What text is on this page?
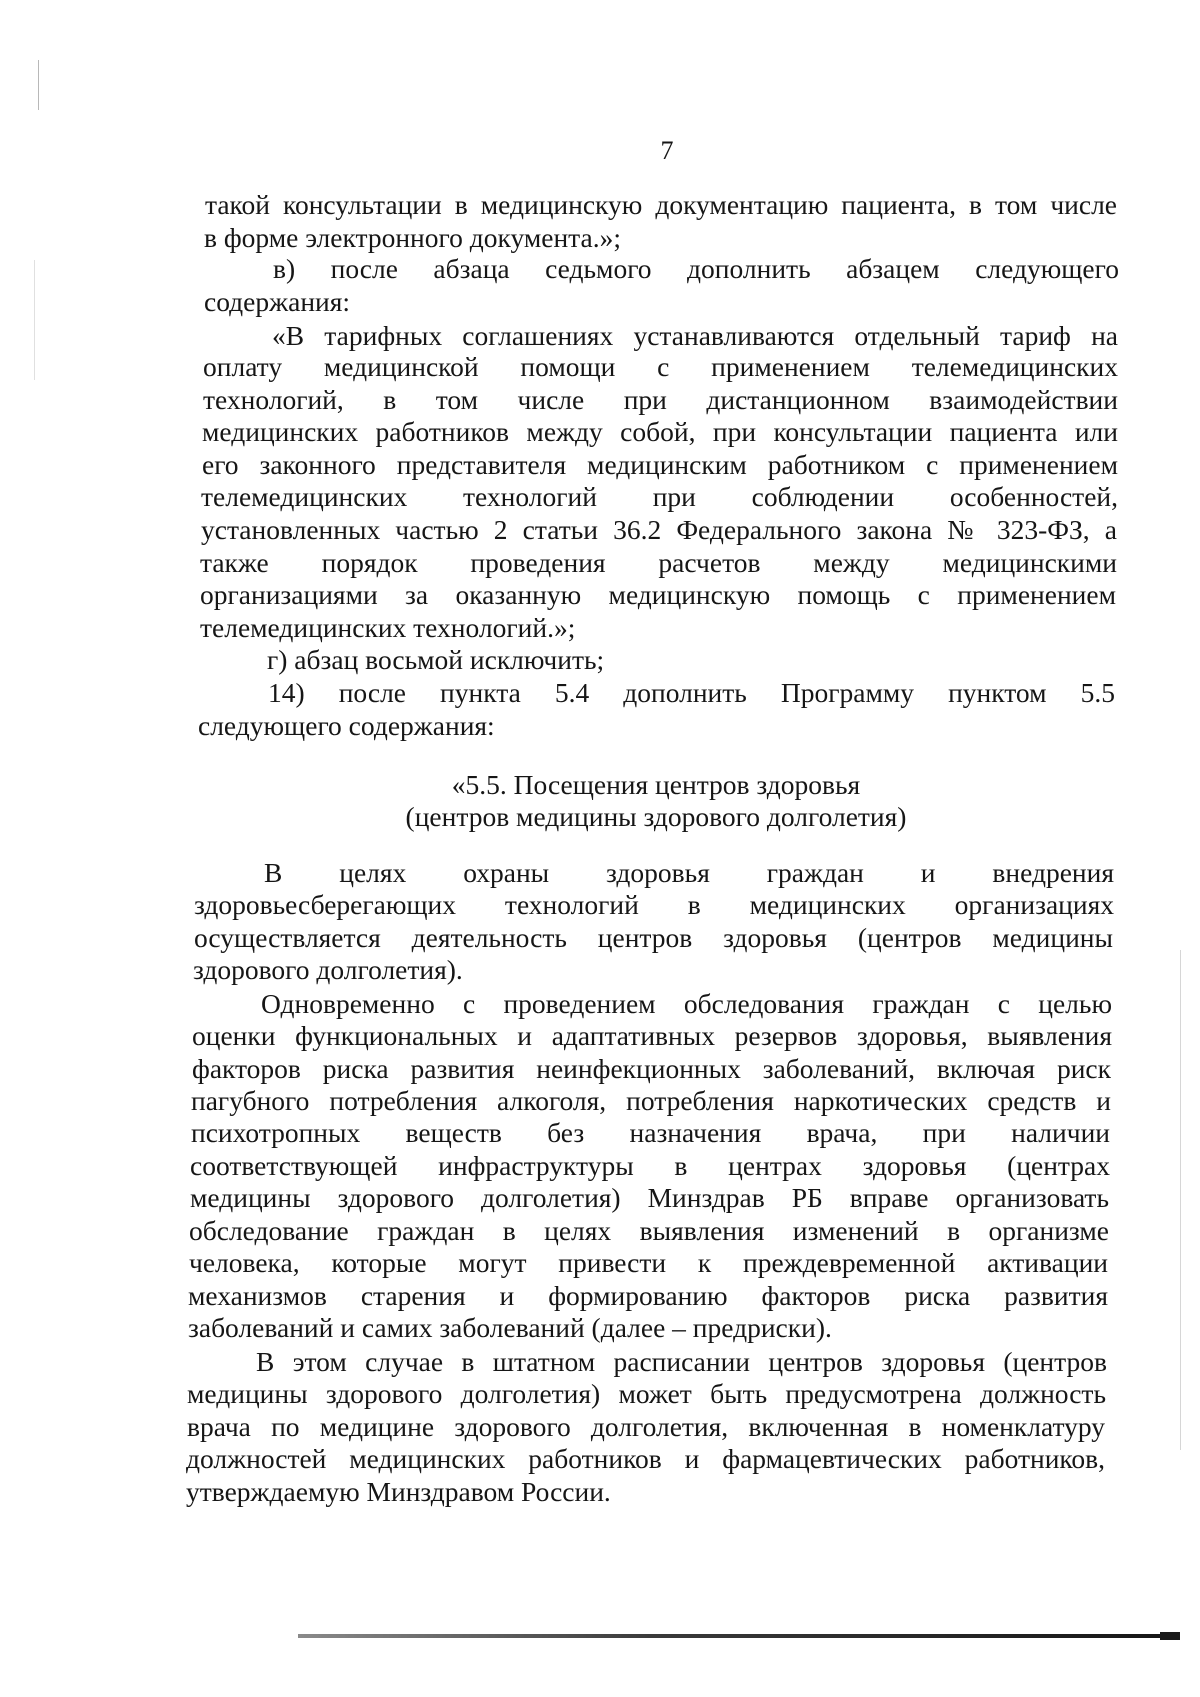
7
такой консультации в медицинскую документацию пациента, в том числе
в форме электронного документа.»;
в) после абзаца седьмого дополнить абзацем следующего
содержания:
«В тарифных соглашениях устанавливаются отдельный тариф на
оплату медицинской помощи с применением телемедицинских
технологий, в том числе при дистанционном взаимодействии
медицинских работников между собой, при консультации пациента или
его законного представителя медицинским работником с применением
телемедицинских технологий при соблюдении особенностей,
установленных частью 2 статьи 36.2 Федерального закона № 323-ФЗ, а
также порядок проведения расчетов между медицинскими
организациями за оказанную медицинскую помощь с применением
телемедицинских технологий.»;
г) абзац восьмой исключить;
14) после пункта 5.4 дополнить Программу пунктом 5.5
следующего содержания:
«5.5. Посещения центров здоровья
(центров медицины здорового долголетия)
В целях охраны здоровья граждан и внедрения
здоровьесберегающих технологий в медицинских организациях
осуществляется деятельность центров здоровья (центров медицины
здорового долголетия).
Одновременно с проведением обследования граждан с целью
оценки функциональных и адаптативных резервов здоровья, выявления
факторов риска развития неинфекционных заболеваний, включая риск
пагубного потребления алкоголя, потребления наркотических средств и
психотропных веществ без назначения врача, при наличии
соответствующей инфраструктуры в центрах здоровья (центрах
медицины здорового долголетия) Минздрав РБ вправе организовать
обследование граждан в целях выявления изменений в организме
человека, которые могут привести к преждевременной активации
механизмов старения и формированию факторов риска развития
заболеваний и самих заболеваний (далее – предриски).
В этом случае в штатном расписании центров здоровья (центров
медицины здорового долголетия) может быть предусмотрена должность
врача по медицине здорового долголетия, включенная в номенклатуру
должностей медицинских работников и фармацевтических работников,
утверждаемую Минздравом России.
